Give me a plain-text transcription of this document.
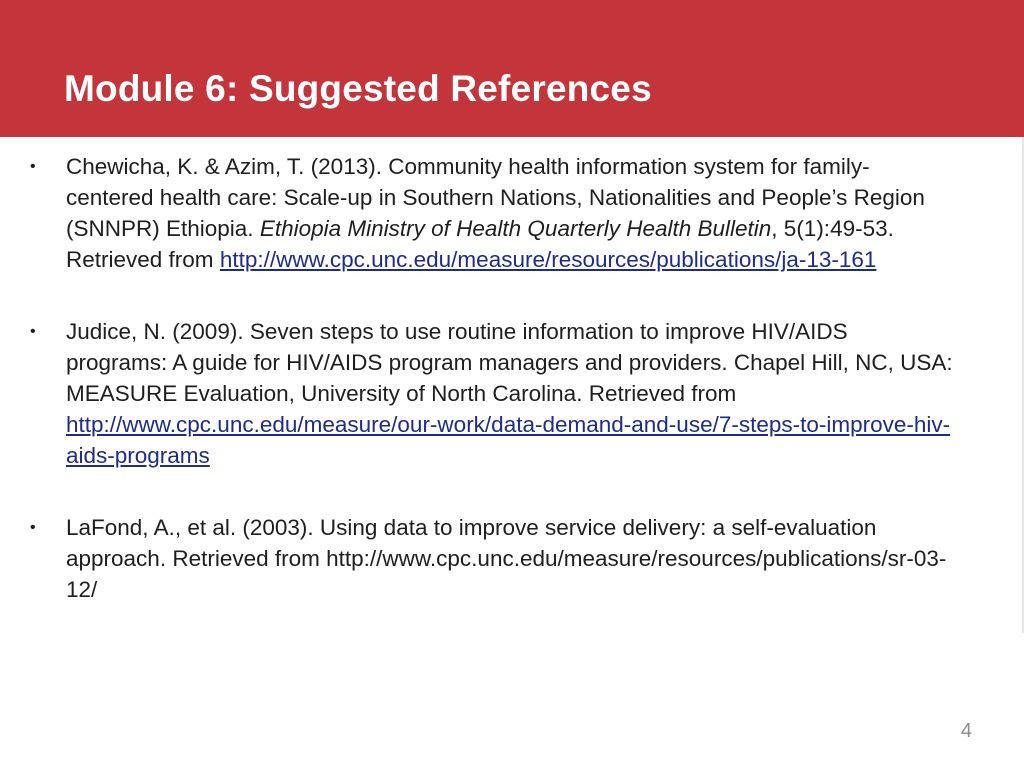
Module 6: Suggested References
• Chewicha, K. & Azim, T. (2013). Community health information system for family-centered health care: Scale-up in Southern Nations, Nationalities and People’s Region (SNNPR) Ethiopia. Ethiopia Ministry of Health Quarterly Health Bulletin, 5(1):49-53. Retrieved from http://www.cpc.unc.edu/measure/resources/publications/ja-13-161
• Judice, N. (2009). Seven steps to use routine information to improve HIV/AIDS programs: A guide for HIV/AIDS program managers and providers. Chapel Hill, NC, USA: MEASURE Evaluation, University of North Carolina. Retrieved from http://www.cpc.unc.edu/measure/our-work/data-demand-and-use/7-steps-to-improve-hiv-aids-programs
• LaFond, A., et al. (2003). Using data to improve service delivery: a self-evaluation approach. Retrieved from http://www.cpc.unc.edu/measure/resources/publications/sr-03-12/
4
